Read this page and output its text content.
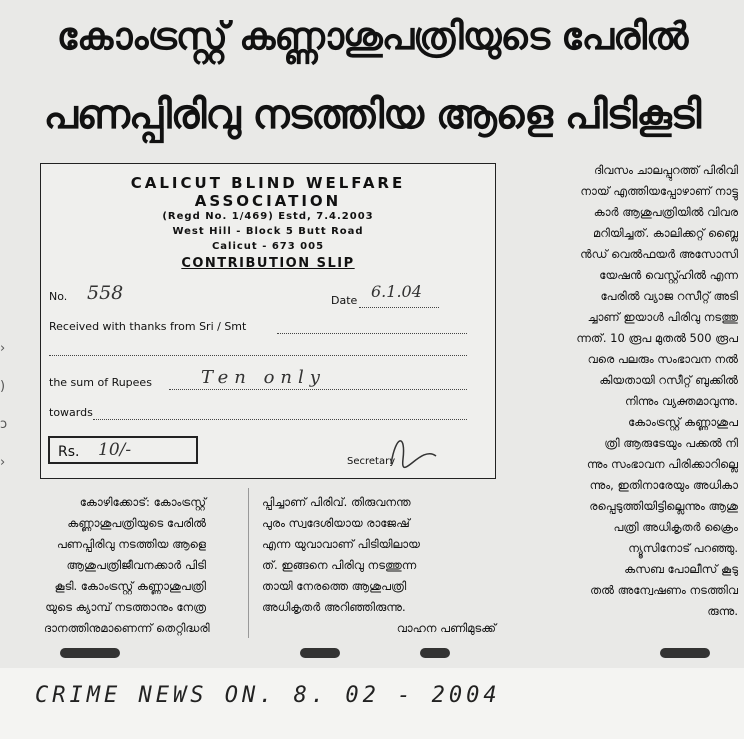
കോംട്രസ്റ്റ് കണ്ണാശുപത്രിയുടെ പേരിൽ
പണപ്പിരിവു നടത്തിയ ആളെ പിടികൂടി
›
)
ɔ
›
CALICUT BLIND WELFARE
ASSOCIATION
(Regd No. 1/469) Estd, 7.4.2003
West Hill - Block 5 Butt Road
Calicut - 673 005
CONTRIBUTION SLIP
No. 558	Date 6.1.04
Received with thanks from Sri / Smt
the sum of Rupees	Ten only
towards
Rs. 10/-
Secretary

ദിവസം ചാലപ്പുറത്ത് പിരിവി

നായ് എത്തിയപ്പോഴാണ് നാട്ടു

കാർ ആശുപത്രിയിൽ വിവര

മറിയിച്ചത്. കാലിക്കറ്റ് ബ്ലൈ

ൻഡ് വെൽഫയർ അസോസി

യേഷൻ വെസ്റ്റ്ഹിൽ എന്ന

പേരിൽ വ്യാജ റസീറ്റ് അടി

ച്ചാണ് ഇയാൾ പിരിവു നടത്തു

ന്നത്. 10 രൂപ മുതൽ 500 രൂപ

വരെ പലരും സംഭാവന നൽ

കിയതായി റസീറ്റ് ബുക്കിൽ

നിന്നും വ്യക്തമാവുന്നു.

കോംട്രസ്റ്റ് കണ്ണാശുപ

ത്രി ആരുടേയും പക്കൽ നി

ന്നും സംഭാവന പിരിക്കാറില്ലെ

ന്നും, ഇതിനാരേയും അധികാ

രപ്പെടുത്തിയിട്ടില്ലെന്നും ആശു

പത്രി അധികൃതർ ക്രൈം

ന്യൂസിനോട് പറഞ്ഞു.

കസബ പോലീസ് കൂടു

തൽ അന്വേഷണം നടത്തിവ

രുന്നു.

കോഴിക്കോട്: കോംട്രസ്റ്റ്

കണ്ണാശുപത്രിയുടെ പേരിൽ

പണപ്പിരിവു നടത്തിയ ആളെ

ആശുപത്രിജീവനക്കാർ പിടി

കൂടി. കോംട്രസ്റ്റ് കണ്ണാശുപത്രി

യുടെ ക്യാമ്പ് നടത്താനും നേത്ര

ദാനത്തിനുമാണെന്ന് തെറ്റിദ്ധരി

പ്പിച്ചാണ് പിരിവ്. തിരുവനന്ത

പുരം സ്വദേശിയായ രാജേഷ്

എന്ന യുവാവാണ് പിടിയിലായ

ത്. ഇങ്ങനെ പിരിവു നടത്തുന്ന

തായി നേരത്തെ ആശുപത്രി

അധികൃതർ അറിഞ്ഞിരുന്നു.

വാഹന പണിമുടക്ക്

CRIME NEWS ON. 8. 02 - 2004
